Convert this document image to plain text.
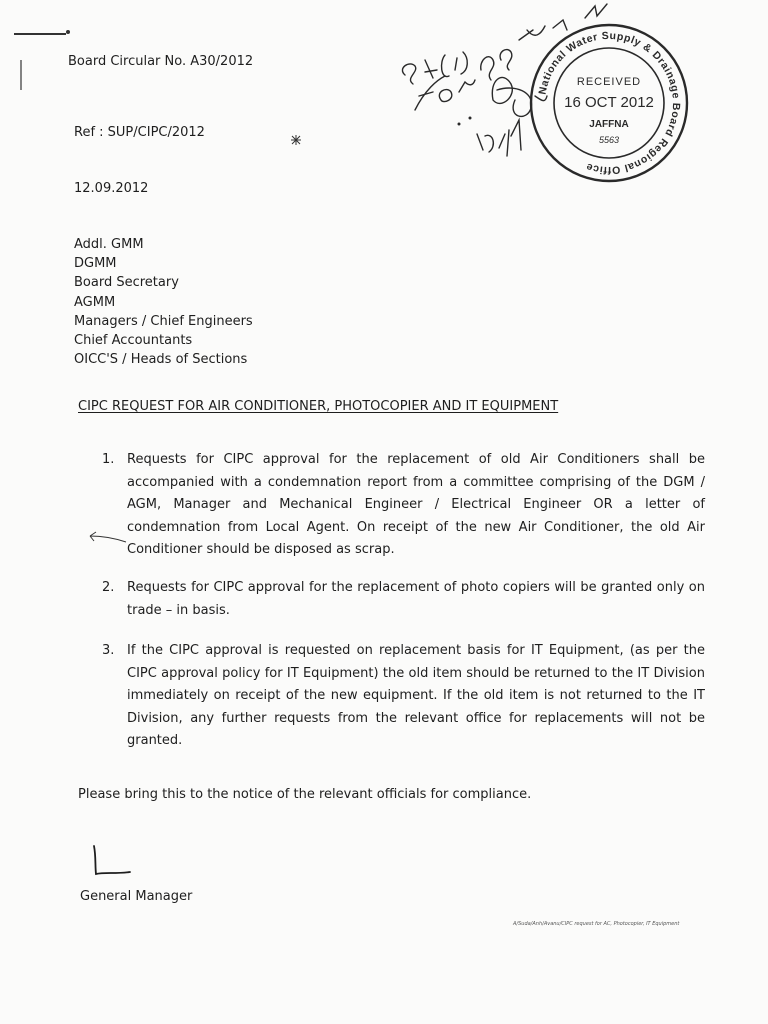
Board Circular No. A30/2012
Ref : SUP/CIPC/2012
12.09.2012
National Water Supply & Drainage Board Regional Office
RECEIVED
16 OCT 2012
JAFFNA
5563
Addl. GMM
DGMM
Board Secretary
AGMM
Managers / Chief Engineers
Chief Accountants
OICC'S / Heads of Sections
CIPC REQUEST FOR AIR CONDITIONER, PHOTOCOPIER AND IT EQUIPMENT
1. Requests for CIPC approval for the replacement of old Air Conditioners shall be accompanied with a condemnation report from a committee comprising of the DGM / AGM, Manager and Mechanical Engineer / Electrical Engineer OR a letter of condemnation from Local Agent. On receipt of the new Air Conditioner, the old Air Conditioner should be disposed as scrap.
2. Requests for CIPC approval for the replacement of photo copiers will be granted only on trade – in basis.
3. If the CIPC approval is requested on replacement basis for IT Equipment, (as per the CIPC approval policy for IT Equipment) the old item should be returned to the IT Division immediately on receipt of the new equipment. If the old item is not returned to the IT Division, any further requests from the relevant office for replacements will not be granted.
Please bring this to the notice of the relevant officials for compliance.
General Manager
A/Suda/Anh/Avanu/CIPC request for AC, Photocopier, IT Equipment
